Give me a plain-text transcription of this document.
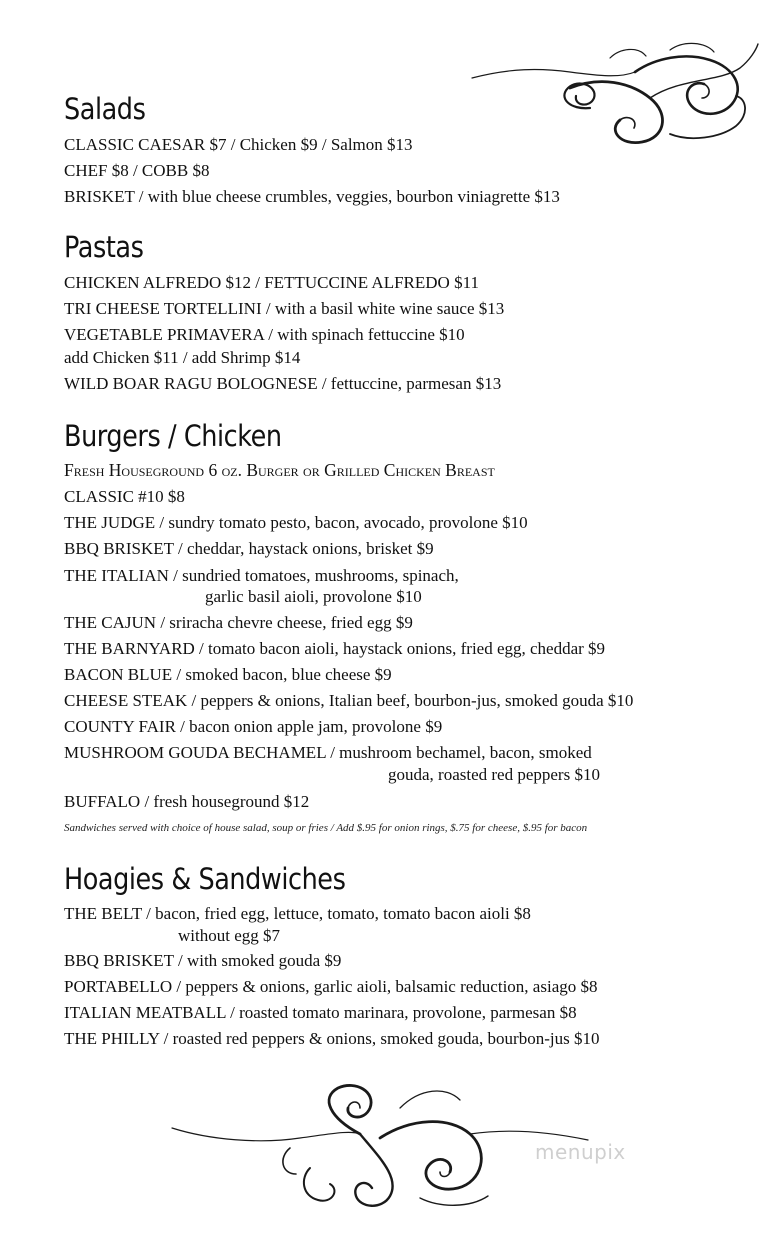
Salads
CLASSIC CAESAR $7 / Chicken $9 / Salmon $13
CHEF $8 / COBB $8
BRISKET / with blue cheese crumbles, veggies, bourbon viniagrette $13
Pastas
CHICKEN ALFREDO $12 / FETTUCCINE ALFREDO $11
TRI CHEESE TORTELLINI / with a basil white wine sauce $13
VEGETABLE PRIMAVERA / with spinach fettuccine $10
add Chicken $11 / add Shrimp $14
WILD BOAR RAGU BOLOGNESE / fettuccine, parmesan $13
Burgers / Chicken
Fresh Houseground 6 oz. Burger or Grilled Chicken Breast
CLASSIC #10 $8
THE JUDGE / sundry tomato pesto, bacon, avocado, provolone $10
BBQ BRISKET / cheddar, haystack onions, brisket $9
THE ITALIAN / sundried tomatoes, mushrooms, spinach,
garlic basil aioli, provolone $10
THE CAJUN / sriracha chevre cheese, fried egg $9
THE BARNYARD / tomato bacon aioli, haystack onions, fried egg, cheddar $9
BACON BLUE / smoked bacon, blue cheese $9
CHEESE STEAK / peppers & onions, Italian beef, bourbon-jus, smoked gouda $10
COUNTY FAIR / bacon onion apple jam, provolone $9
MUSHROOM GOUDA BECHAMEL / mushroom bechamel, bacon, smoked
gouda, roasted red peppers $10
BUFFALO / fresh houseground $12
Sandwiches served with choice of house salad, soup or fries / Add $.95 for onion rings, $.75 for cheese, $.95 for bacon
Hoagies & Sandwiches
THE BELT / bacon, fried egg, lettuce, tomato, tomato bacon aioli $8
without egg $7
BBQ BRISKET / with smoked gouda $9
PORTABELLO / peppers & onions, garlic aioli, balsamic reduction, asiago $8
ITALIAN MEATBALL / roasted tomato marinara, provolone, parmesan $8
THE PHILLY / roasted red peppers & onions, smoked gouda, bourbon-jus $10
menupix
